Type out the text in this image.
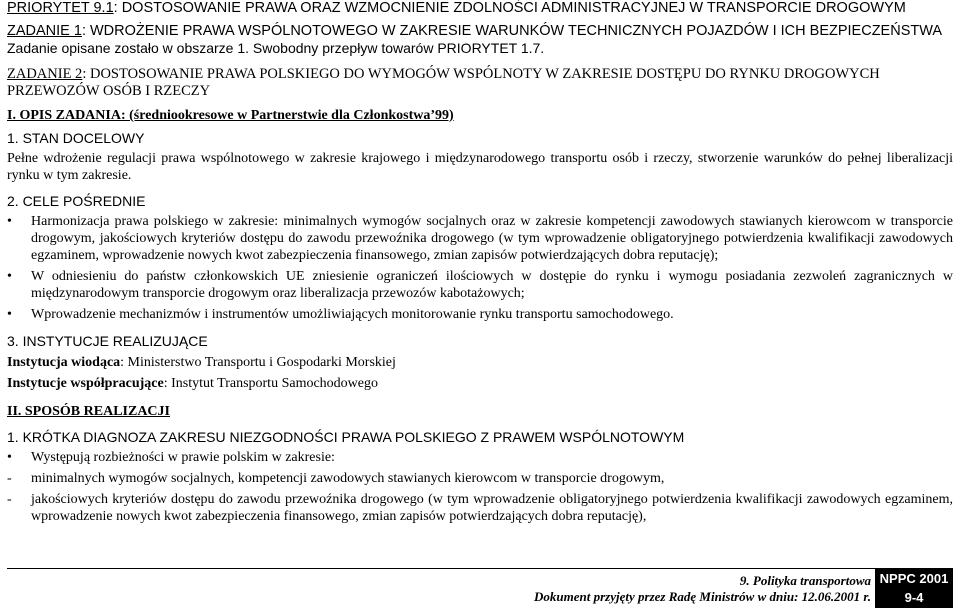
PRIORYTET 9.1: DOSTOSOWANIE PRAWA ORAZ WZMOCNIENIE ZDOLNOŚCI ADMINISTRACYJNEJ W TRANSPORCIE DROGOWYM

ZADANIE 1: WDROŻENIE PRAWA WSPÓLNOTOWEGO W ZAKRESIE WARUNKÓW TECHNICZNYCH POJAZDÓW I ICH BEZPIECZEŃSTWA

Zadanie opisane zostało w obszarze 1. Swobodny przepływ towarów PRIORYTET 1.7.

ZADANIE 2: DOSTOSOWANIE PRAWA POLSKIEGO DO WYMOGÓW WSPÓLNOTY W ZAKRESIE DOSTĘPU DO RYNKU DROGOWYCH PRZEWOZÓW OSÓB I RZECZY

I. OPIS ZADANIA: (średniookresowe w Partnerstwie dla Członkostwa’99)

1. STAN DOCELOWY

Pełne wdrożenie regulacji prawa wspólnotowego w zakresie krajowego i międzynarodowego transportu osób i rzeczy, stworzenie warunków do pełnej liberalizacji rynku w tym zakresie.

2. CELE POŚREDNIE

•	Harmonizacja prawa polskiego w zakresie: minimalnych wymogów socjalnych oraz w zakresie kompetencji zawodowych stawianych kierowcom w transporcie drogowym, jakościowych kryteriów dostępu do zawodu przewoźnika drogowego (w tym wprowadzenie obligatoryjnego potwierdzenia kwalifikacji zawodowych egzaminem, wprowadzenie nowych kwot zabezpieczenia finansowego, zmian zapisów potwierdzających dobra reputację);

•	W odniesieniu do państw członkowskich UE zniesienie ograniczeń ilościowych w dostępie do rynku i wymogu posiadania zezwoleń zagranicznych w międzynarodowym transporcie drogowym oraz liberalizacja przewozów kabotażowych;

•	Wprowadzenie mechanizmów i instrumentów umożliwiających monitorowanie rynku transportu samochodowego.

3. INSTYTUCJE REALIZUJĄCE

Instytucja wiodąca: Ministerstwo Transportu i Gospodarki Morskiej

Instytucje współpracujące: Instytut Transportu Samochodowego

II. SPOSÓB REALIZACJI

1. KRÓTKA DIAGNOZA ZAKRESU NIEZGODNOŚCI PRAWA POLSKIEGO Z PRAWEM WSPÓLNOTOWYM

•	Występują rozbieżności w prawie polskim w zakresie:

-	minimalnych wymogów socjalnych, kompetencji zawodowych stawianych kierowcom w transporcie drogowym,

-	jakościowych kryteriów dostępu do zawodu przewoźnika drogowego (w tym wprowadzenie obligatoryjnego potwierdzenia kwalifikacji zawodowych egzaminem, wprowadzenie nowych kwot zabezpieczenia finansowego, zmian zapisów potwierdzających dobra reputację),

9. Polityka transportowa
Dokument przyjęty przez Radę Ministrów w dniu: 12.06.2001 r.
NPPC 2001
9-4
